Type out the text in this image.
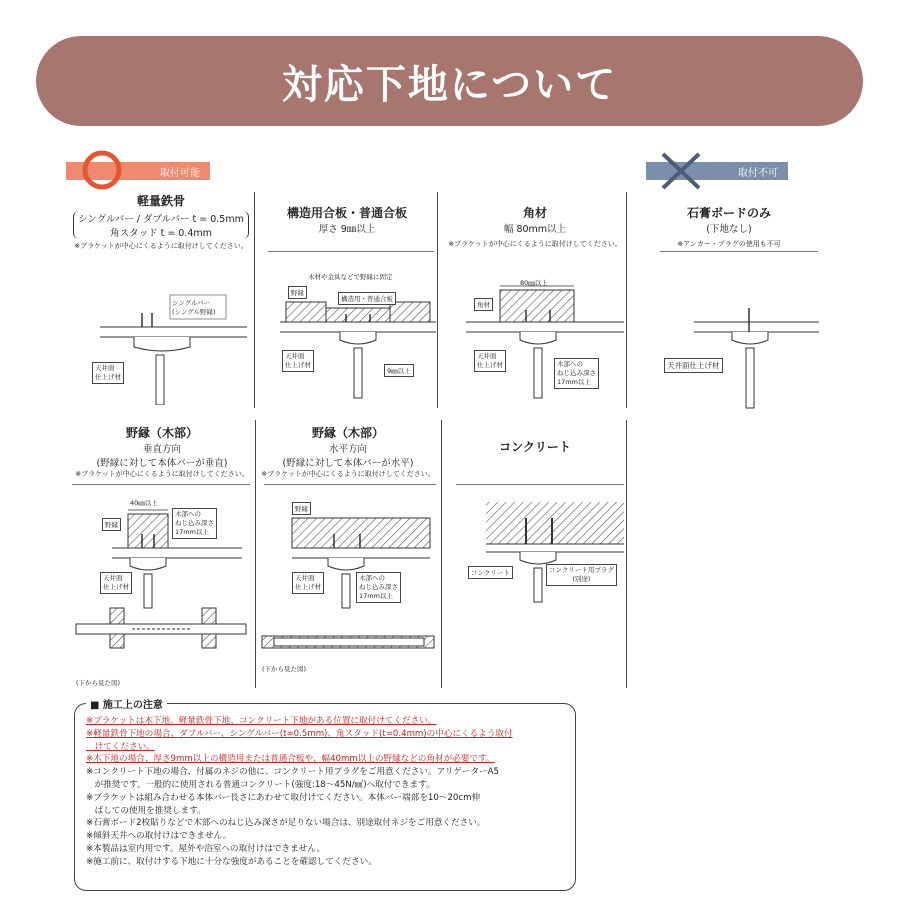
対応下地について
取付可能	取付不可
軽量鉄骨
シングルバー / ダブルバー t = 0.5mm
角スタッド t = 0.4mm
※ブラケットが中心にくるように取付けしてください。
シングルバー
(シングル野縁)
天井面
仕上げ材
構造用合板・普通合板
厚さ 9㎜以上
木材や金具などで野縁に固定
野縁
構造用・普通合板
天井面
仕上げ材
9㎜以上
角材
幅 80mm以上
※ブラケットが中心にくるように取付けしてください。
80㎜以上
角材
天井面
仕上げ材	木部への
ねじ込み深さ
17mm以上
石膏ボードのみ
(下地なし)
※アンカー・プラグの使用も不可
天井面仕上げ材
野縁（木部）
垂直方向
(野縁に対して本体バーが垂直)
※ブラケットが中心にくるように取付けしてください。
40㎜以上
野縁
木部への
ねじ込み深さ
17mm以上
天井面
仕上げ材
(下から見た図)
野縁（木部）
水平方向
(野縁に対して本体バーが水平)
※ブラケットが中心にくるように取付けしてください。
野縁
天井面
仕上げ材
木部への
ねじ込み深さ
17mm以上
(下から見た図)
コンクリート
コンクリート	コンクリート用プラグ
(別途)
■ 施工上の注意
※ブラケットは木下地、軽量鉄骨下地、コンクリート下地がある位置に取付けてください。
※軽量鉄骨下地の場合、ダブルバー、シングルバー(t=0.5mm)、角スタッド(t=0.4mm)の中心にくるよう取付
　けてください。
※木下地の場合、厚さ9mm以上の構造用または普通合板や、幅40mm以上の野縁などの角材が必要です。
※コンクリート下地の場合、付属のネジの他に、コンクリート用プラグをご用意ください。アリゲーターA5
　が推奨です。一般的に使用される普通コンクリート(強度:18〜45N/㎟)へ取付できます。
※ブラケットは組み合わせる本体バー長さにあわせて取付けてください。本体バー端部を10〜20cm伸
　ばしての使用を推奨します。
※石膏ボード2枚貼りなどで木部へのねじ込み深さが足りない場合は、別途取付ネジをご用意ください。
※傾斜天井への取付けはできません。
※本製品は室内用です。屋外や浴室への取付けはできません。
※施工前に、取付けする下地に十分な強度があることを確認してください。
